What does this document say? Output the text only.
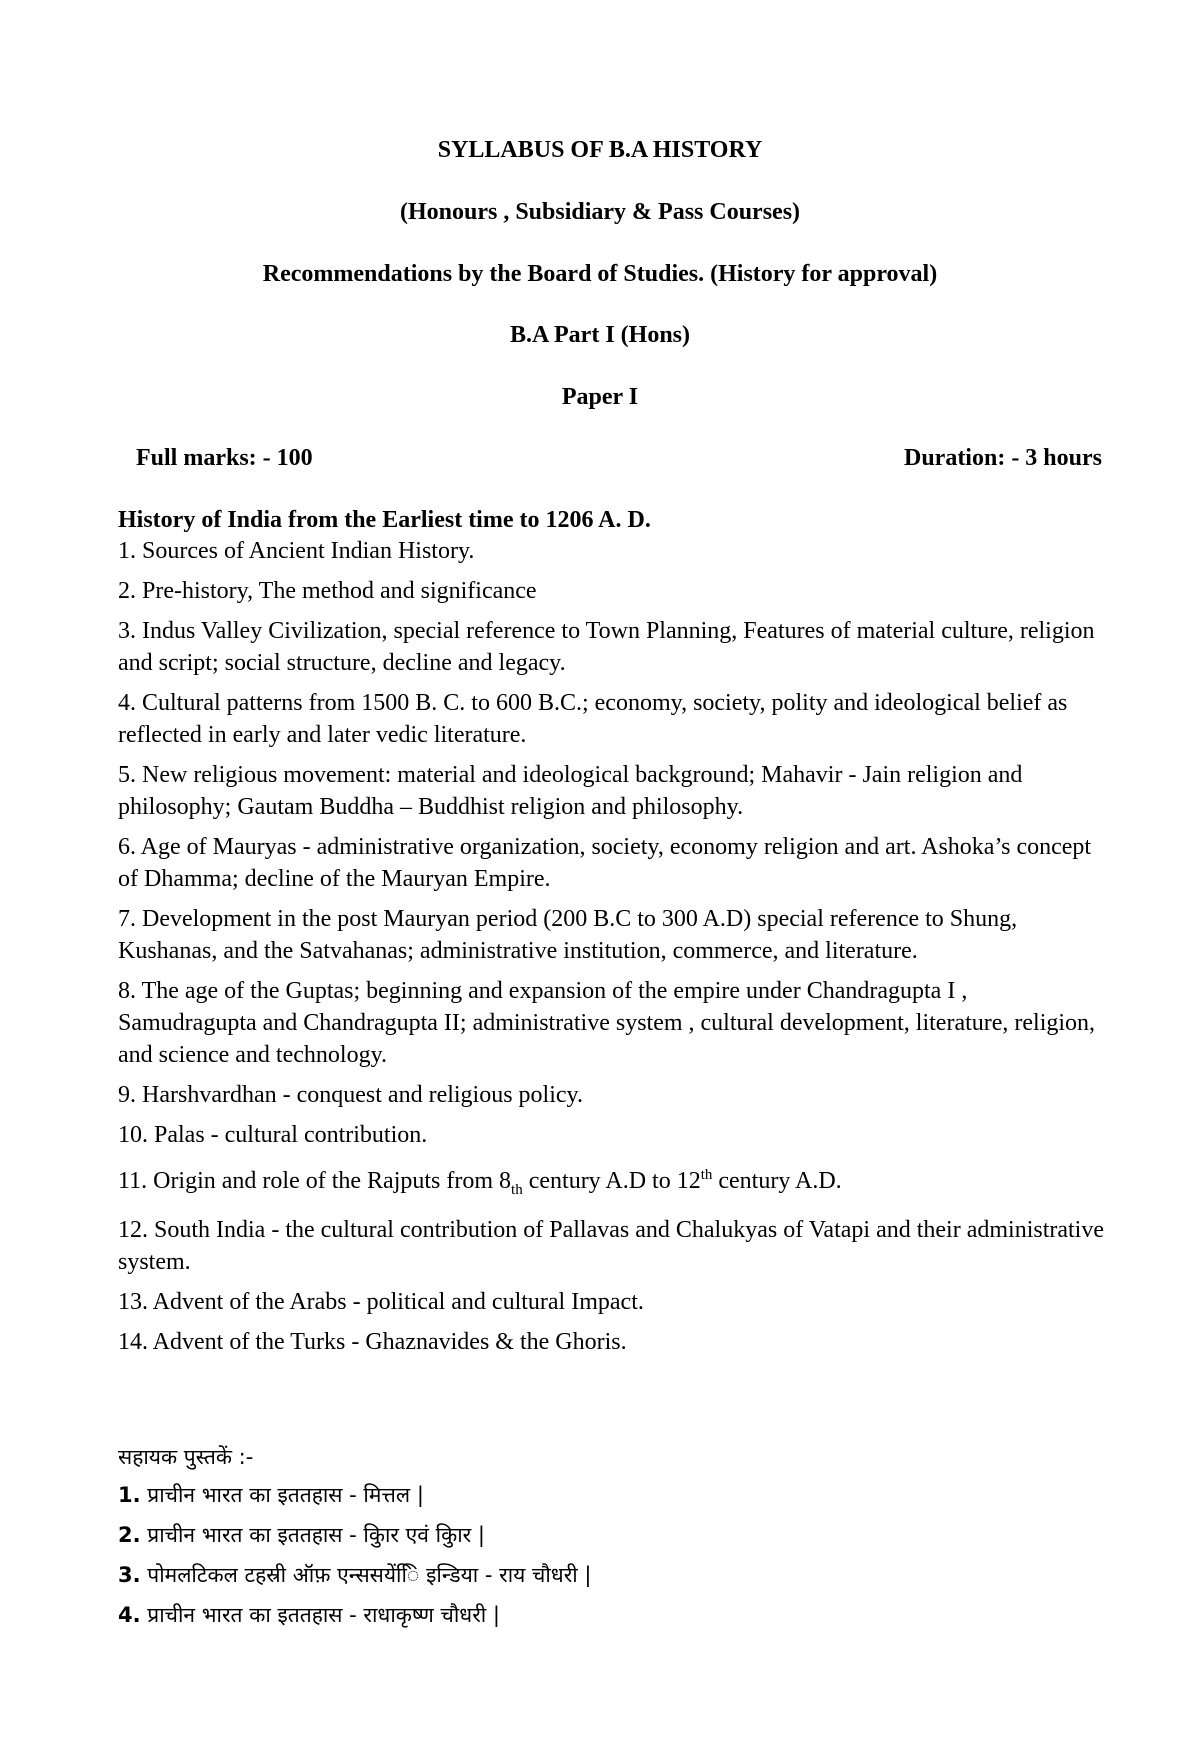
SYLLABUS OF B.A HISTORY
(Honours , Subsidiary & Pass Courses)
Recommendations by the Board of Studies. (History for approval)
B.A Part I (Hons)
Paper I
Full marks: - 100	Duration: - 3 hours

History of India from the Earliest time to 1206 A. D.

1. Sources of Ancient Indian History.
2. Pre-history, The method and significance
3. Indus Valley Civilization, special reference to Town Planning, Features of material culture, religion and script; social structure, decline and legacy.
4. Cultural patterns from 1500 B. C. to 600 B.C.; economy, society, polity and ideological belief as reflected in early and later vedic literature.
5. New religious movement: material and ideological background; Mahavir - Jain religion and philosophy; Gautam Buddha – Buddhist religion and philosophy.
6. Age of Mauryas - administrative organization, society, economy religion and art. Ashoka’s concept of Dhamma; decline of the Mauryan Empire.
7. Development in the post Mauryan period (200 B.C to 300 A.D) special reference to Shung, Kushanas, and the Satvahanas; administrative institution, commerce, and literature.
8. The age of the Guptas; beginning and expansion of the empire under Chandragupta I , Samudragupta and Chandragupta II; administrative system , cultural development, literature, religion, and science and technology.
9. Harshvardhan - conquest and religious policy.
10. Palas - cultural contribution.
11. Origin and role of the Rajputs from $8_{th}$ century A.D to 12th century A.D.
12. South India - the cultural contribution of Pallavas and Chalukyas of Vatapi and their administrative system.
13. Advent of the Arabs - political and cultural Impact.
14. Advent of the Turks - Ghaznavides & the Ghoris.

सहायक पुस्तकें :-

1. प्राचीन भारत का इततहास - मित्तल |
2. प्राचीन भारत का इततहास - कुिार एवं कुिार |
3. पोमलटिकल टहस्री ऑफ़ एन्ससयेंिि इन्डिया - राय चौधरी |
4. प्राचीन भारत का इततहास - राधाकृष्ण चौधरी |
